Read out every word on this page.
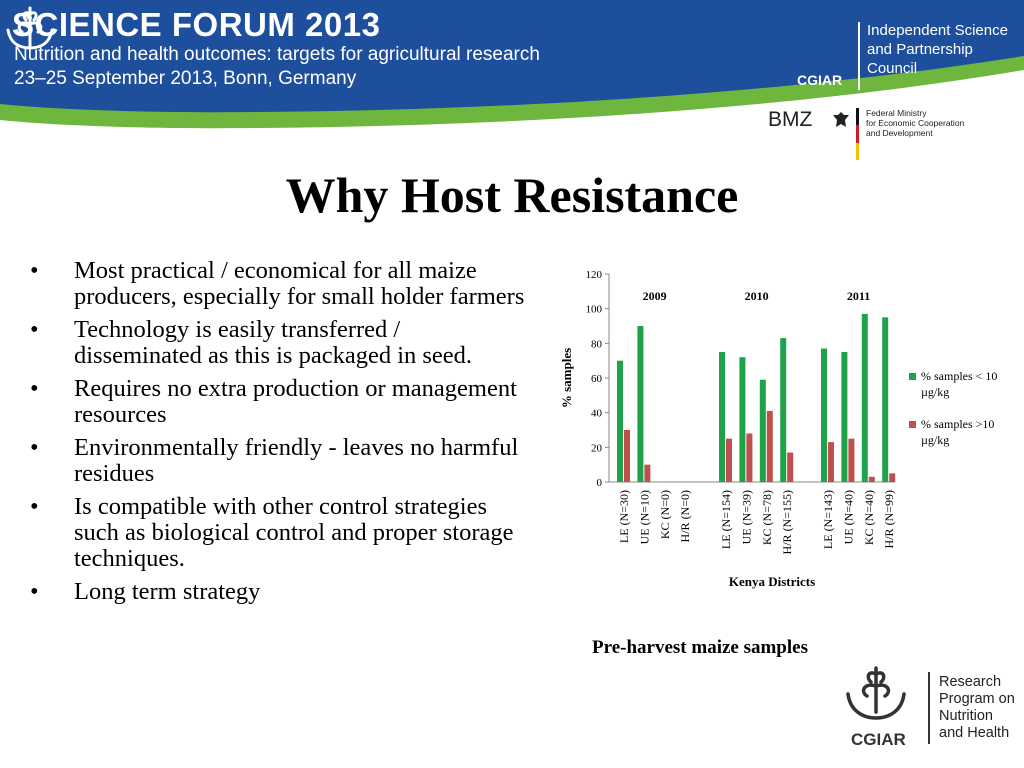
SCIENCE FORUM 2013
Nutrition and health outcomes: targets for agricultural research
23–25 September 2013, Bonn, Germany	CGIAR
Independent Science
and Partnership
Council
BMZ	Federal Ministry
for Economic Cooperation
and Development
Why Host Resistance
• Most practical / economical for all maize producers, especially for small holder farmers
• Technology is easily transferred / disseminated as this is packaged in seed.
• Requires no extra production or management resources
• Environmentally friendly - leaves no harmful residues
• Is compatible with other control strategies such as biological control and proper storage techniques.
• Long term strategy
0
20
40
60
80
100
120
% samples
LE (N=30) UE (N=10) KC (N=0) H/R (N=0) LE (N=154) UE (N=39) KC (N=78) H/R (N=155) LE (N=143) UE (N=40) KC (N=40) H/R (N=99)
2009	2010	2011
Kenya Districts
% samples < 10 µg/kg
% samples >10 µg/kg
Pre-harvest maize samples
CGIAR
Research
Program on
Nutrition
and Health
